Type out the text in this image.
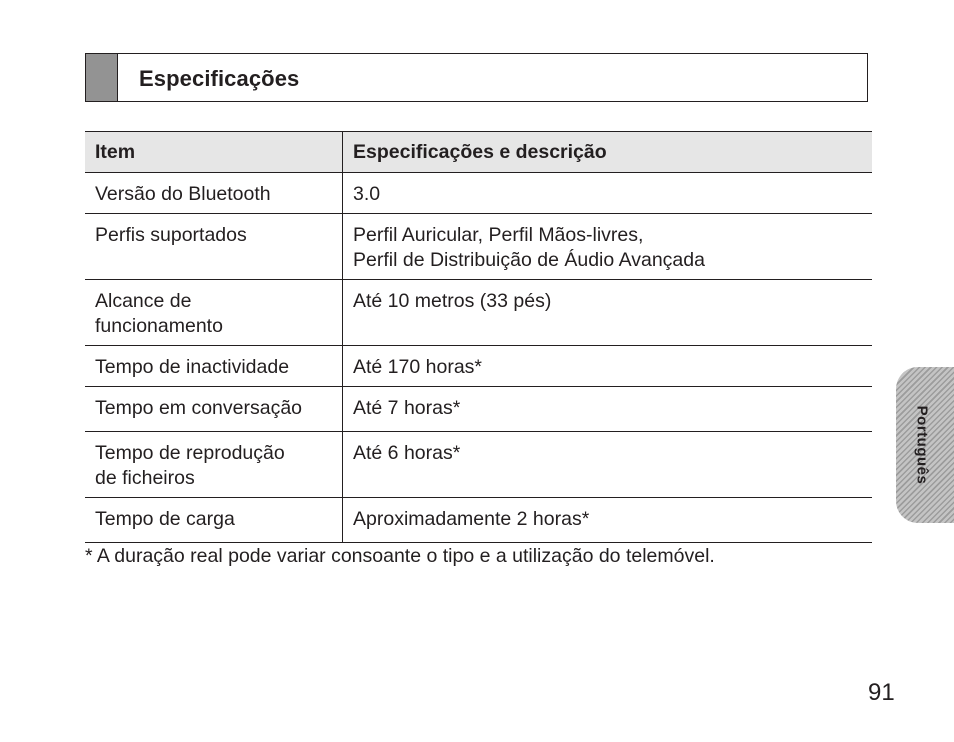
Especificações
Item	Especificações e descrição

Versão do Bluetooth	3.0

Perfis suportados	Perfil Auricular, Perfil Mãos-livres,
Perfil de Distribuição de Áudio Avançada

Alcance de
funcionamento	Até 10 metros (33 pés)

Tempo de inactividade	Até 170 horas*

Tempo em conversação	Até 7 horas*

Tempo de reprodução
de ficheiros	Até 6 horas*

Tempo de carga	Aproximadamente 2 horas*
* A duração real pode variar consoante o tipo e a utilização do telemóvel.
Português
91
